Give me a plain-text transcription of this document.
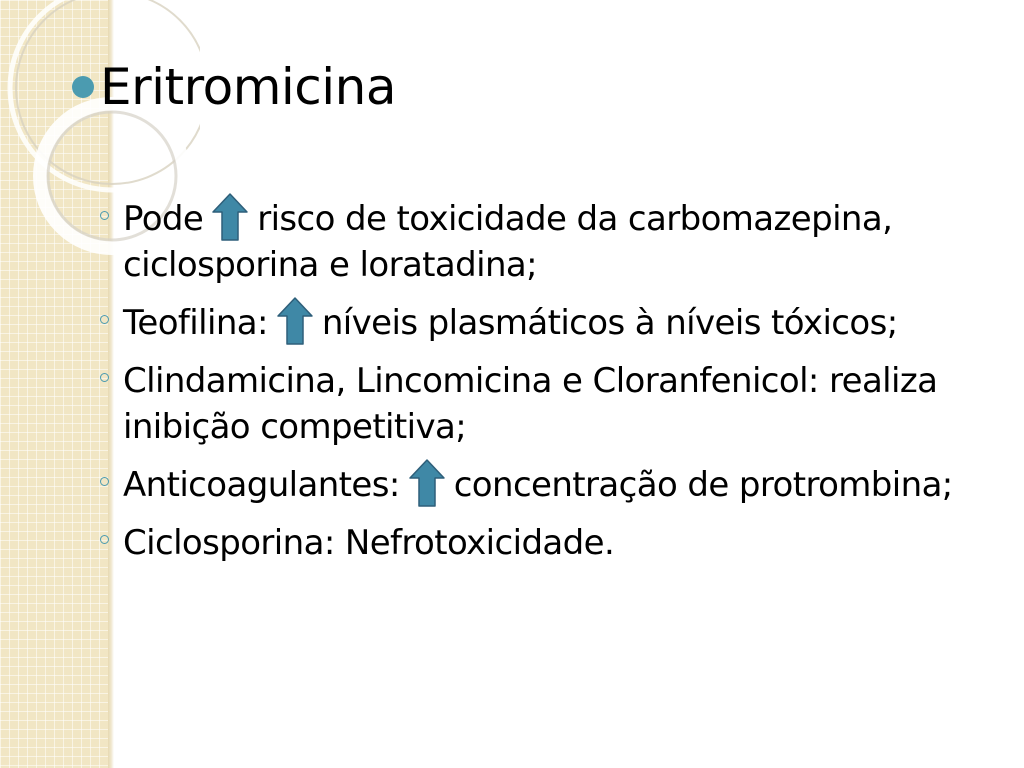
Eritromicina
Pode risco de toxicidade da carbomazepina, ciclosporina e loratadina;
Teofilina: níveis plasmáticos à níveis tóxicos;
Clindamicina, Lincomicina e Cloranfenicol: realiza inibição competitiva;
Anticoagulantes: concentração de protrombina;
Ciclosporina: Nefrotoxicidade.
